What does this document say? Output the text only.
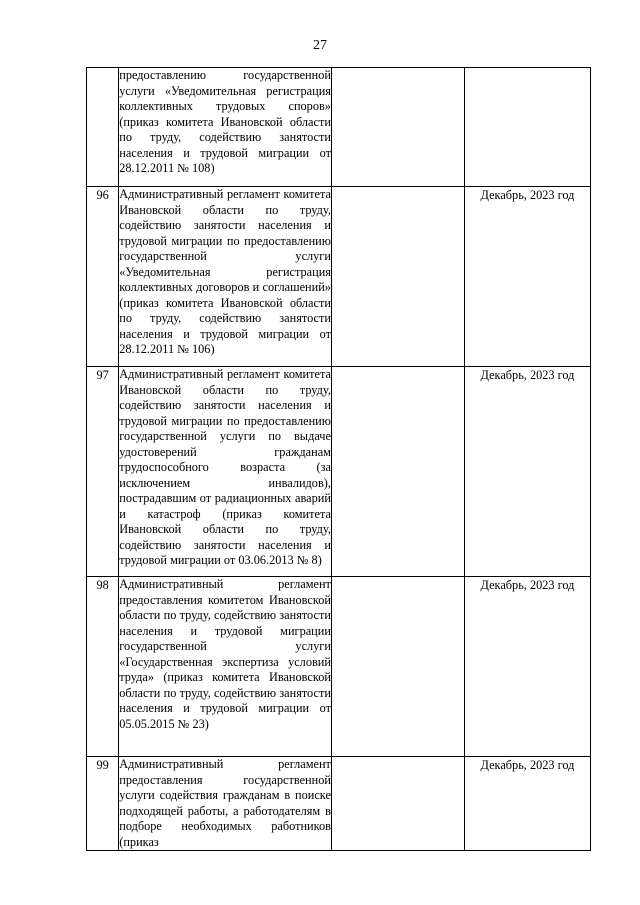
27

	предоставлению государственной услуги «Уведомительная регистрация коллективных трудовых споров» (приказ комитета Ивановской области по труду, содействию занятости населения и трудовой миграции от 28.12.2011 № 108)		

96	Административный регламент комитета Ивановской области по труду, содействию занятости населения и трудовой миграции по предоставлению государственной услуги «Уведомительная регистрация коллективных договоров и соглашений» (приказ комитета Ивановской области по труду, содействию занятости населения и трудовой миграции от 28.12.2011 № 106)		Декабрь, 2023 год

97	Административный регламент комитета Ивановской области по труду, содействию занятости населения и трудовой миграции по предоставлению государственной услуги по выдаче удостоверений гражданам трудоспособного возраста (за исключением инвалидов), пострадавшим от радиационных аварий и катастроф (приказ комитета Ивановской области по труду, содействию занятости населения и трудовой миграции от 03.06.2013 № 8)		Декабрь, 2023 год

98	Административный регламент предоставления комитетом Ивановской области по труду, содействию занятости населения и трудовой миграции государственной услуги «Государственная экспертиза условий труда» (приказ комитета Ивановской области по труду, содействию занятости населения и трудовой миграции от 05.05.2015 № 23)		Декабрь, 2023 год

99	Административный регламент предоставления государственной услуги содействия гражданам в поиске подходящей работы, а работодателям в подборе необходимых работников (приказ		Декабрь, 2023 год
